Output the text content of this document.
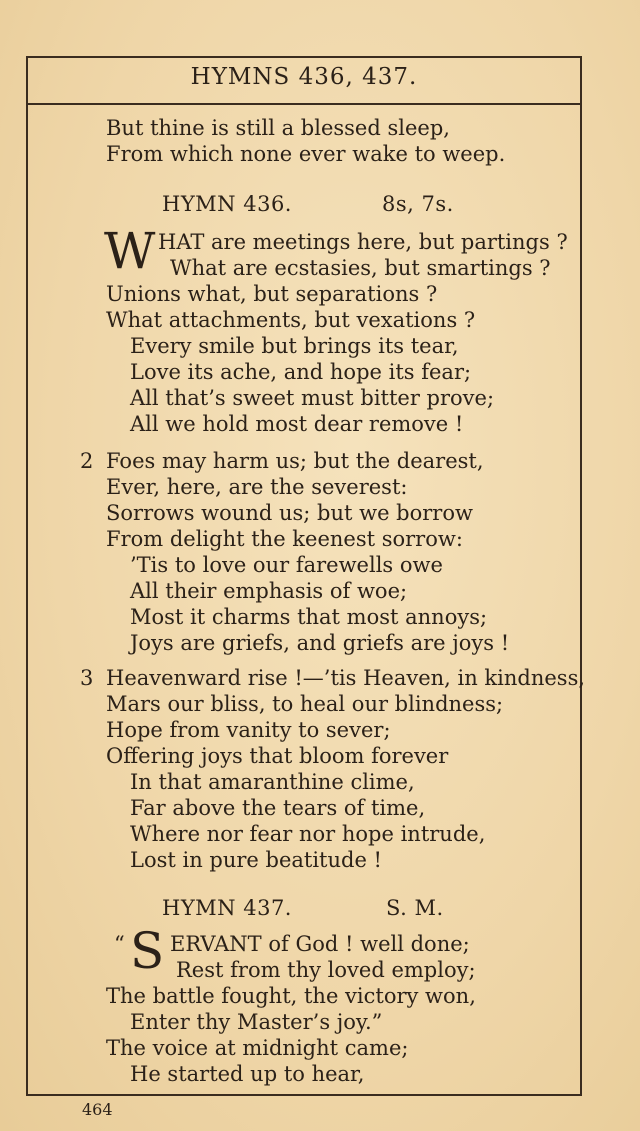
HYMNS 436, 437.
But thine is still a blessed sleep,
From which none ever wake to weep.
HYMN 436.	8s, 7s.
W HAT are meetings here, but partings ?
What are ecstasies, but smartings ?
Unions what, but separations ?
What attachments, but vexations ?
Every smile but brings its tear,
Love its ache, and hope its fear;
All that’s sweet must bitter prove;
All we hold most dear remove !
2 Foes may harm us; but the dearest,
Ever, here, are the severest:
Sorrows wound us; but we borrow
From delight the keenest sorrow:
’Tis to love our farewells owe
All their emphasis of woe;
Most it charms that most annoys;
Joys are griefs, and griefs are joys !
3 Heavenward rise !—’tis Heaven, in kindness,
Mars our bliss, to heal our blindness;
Hope from vanity to sever;
Offering joys that bloom forever
In that amaranthine clime,
Far above the tears of time,
Where nor fear nor hope intrude,
Lost in pure beatitude !
HYMN 437.	S. M.
“ S ERVANT of God ! well done;
Rest from thy loved employ;
The battle fought, the victory won,
Enter thy Master’s joy.”
The voice at midnight came;
He started up to hear,
464
